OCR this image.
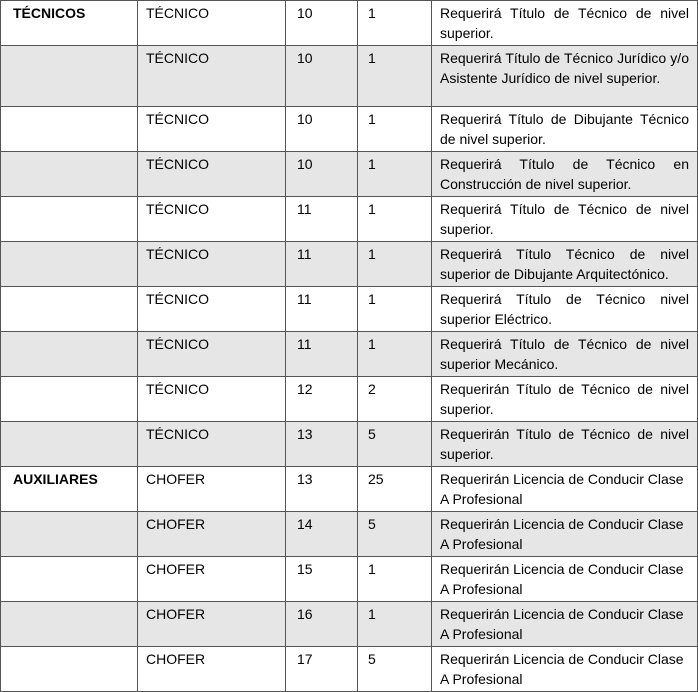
TÉCNICOS	TÉCNICO	10	1	Requerirá Título de Técnico de nivel superior.
	TÉCNICO	10	1	Requerirá Título de Técnico Jurídico y/o Asistente Jurídico de nivel superior.
	TÉCNICO	10	1	Requerirá Título de Dibujante Técnico de nivel superior.
	TÉCNICO	10	1	Requerirá Título de Técnico en Construcción de nivel superior.
	TÉCNICO	11	1	Requerirá Título de Técnico de nivel superior.
	TÉCNICO	11	1	Requerirá Título Técnico de nivel superior de Dibujante Arquitectónico.
	TÉCNICO	11	1	Requerirá Título de Técnico nivel superior Eléctrico.
	TÉCNICO	11	1	Requerirá Título de Técnico de nivel superior Mecánico.
	TÉCNICO	12	2	Requerirán Título de Técnico de nivel superior.
	TÉCNICO	13	5	Requerirán Título de Técnico de nivel superior.
AUXILIARES	CHOFER	13	25	Requerirán Licencia de Conducir Clase A Profesional
	CHOFER	14	5	Requerirán Licencia de Conducir Clase A Profesional
	CHOFER	15	1	Requerirán Licencia de Conducir Clase A Profesional
	CHOFER	16	1	Requerirán Licencia de Conducir Clase A Profesional
	CHOFER	17	5	Requerirán Licencia de Conducir Clase A Profesional
